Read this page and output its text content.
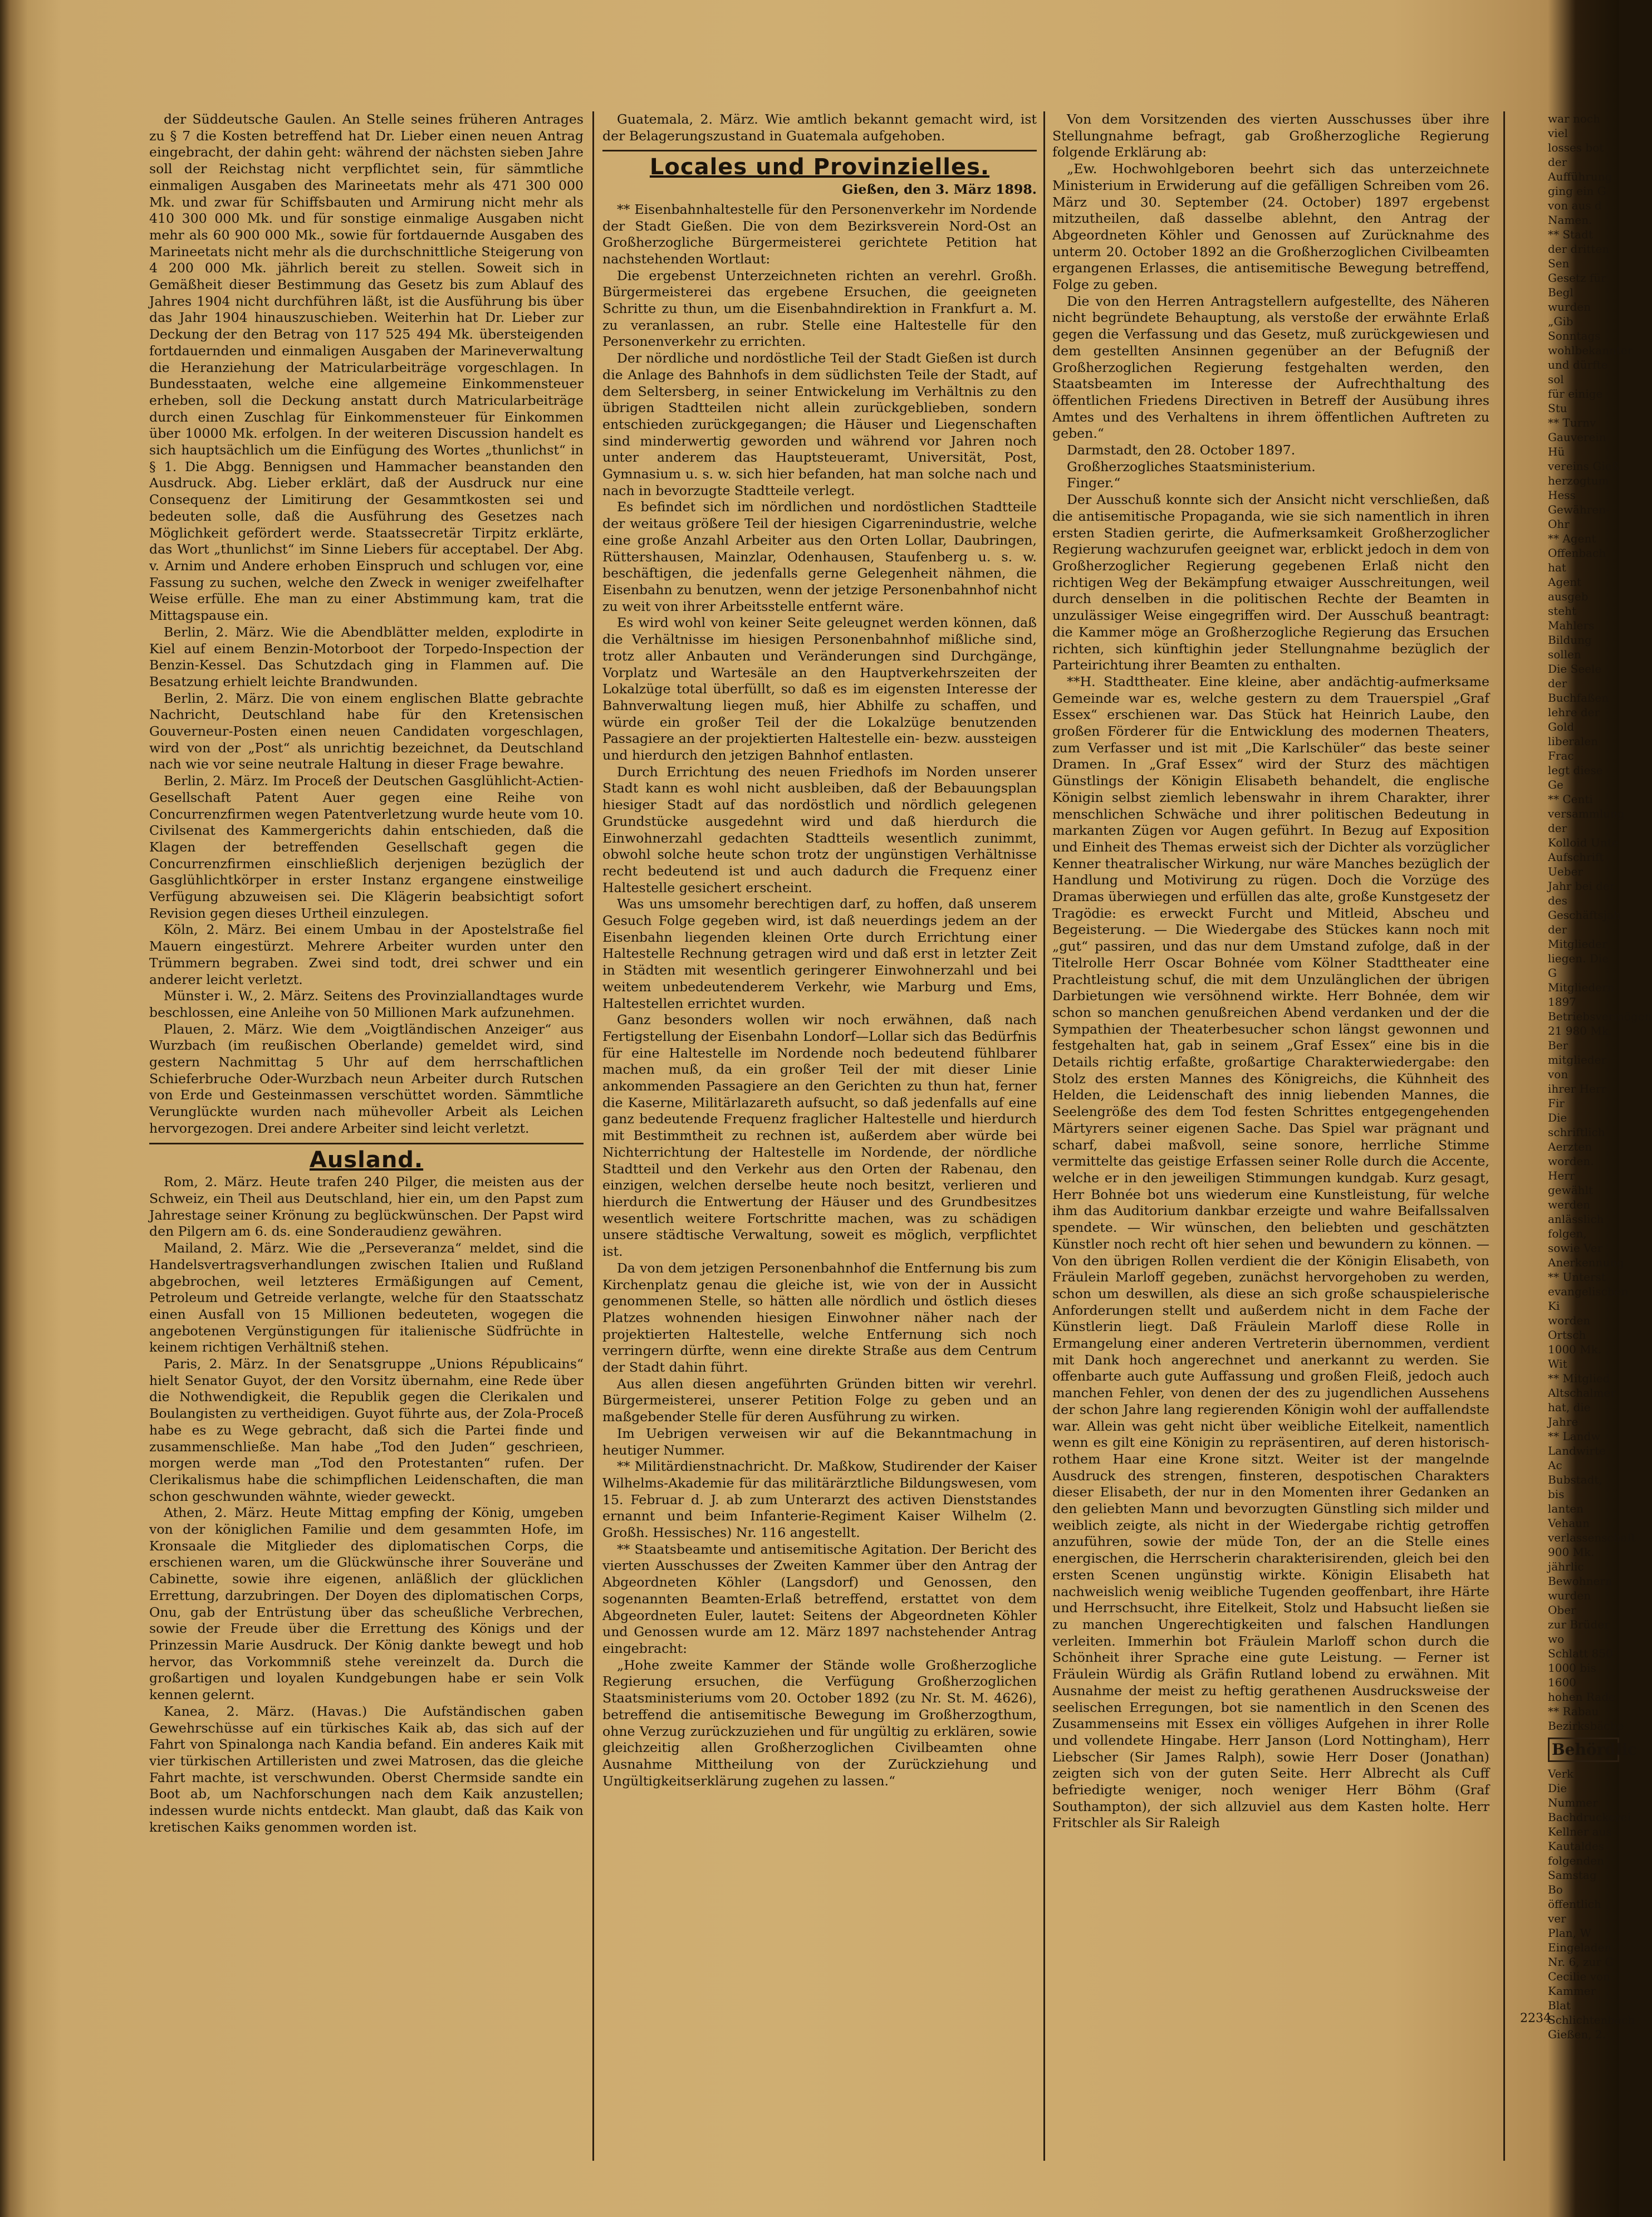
der Süddeutsche Gaulen. An Stelle seines früheren Antrages zu § 7 die Kosten betreffend hat Dr. Lieber einen neuen Antrag eingebracht, der dahin geht: während der nächsten sieben Jahre soll der Reichstag nicht verpflichtet sein, für sämmtliche einmaligen Ausgaben des Marineetats mehr als 471 300 000 Mk. und zwar für Schiffsbauten und Armirung nicht mehr als 410 300 000 Mk. und für sonstige einmalige Ausgaben nicht mehr als 60 900 000 Mk., sowie für fortdauernde Ausgaben des Marineetats nicht mehr als die durchschnittliche Steigerung von 4 200 000 Mk. jährlich bereit zu stellen. Soweit sich in Gemäßheit dieser Bestimmung das Gesetz bis zum Ablauf des Jahres 1904 nicht durchführen läßt, ist die Ausführung bis über das Jahr 1904 hinauszuschieben. Weiterhin hat Dr. Lieber zur Deckung der den Betrag von 117 525 494 Mk. übersteigenden fortdauernden und einmaligen Ausgaben der Marineverwaltung die Heranziehung der Matricularbeiträge vorgeschlagen. In Bundesstaaten, welche eine allgemeine Einkommensteuer erheben, soll die Deckung anstatt durch Matricularbeiträge durch einen Zuschlag für Einkommensteuer für Einkommen über 10000 Mk. erfolgen. In der weiteren Discussion handelt es sich hauptsächlich um die Einfügung des Wortes „thunlichst“ in § 1. Die Abgg. Bennigsen und Hammacher beanstanden den Ausdruck. Abg. Lieber erklärt, daß der Ausdruck nur eine Consequenz der Limitirung der Gesammtkosten sei und bedeuten solle, daß die Ausführung des Gesetzes nach Möglichkeit gefördert werde. Staatssecretär Tirpitz erklärte, das Wort „thunlichst“ im Sinne Liebers für acceptabel. Der Abg. v. Arnim und Andere erhoben Einspruch und schlugen vor, eine Fassung zu suchen, welche den Zweck in weniger zweifelhafter Weise erfülle. Ehe man zu einer Abstimmung kam, trat die Mittagspause ein.

Berlin, 2. März. Wie die Abendblätter melden, explodirte in Kiel auf einem Benzin-Motorboot der Torpedo-Inspection der Benzin-Kessel. Das Schutzdach ging in Flammen auf. Die Besatzung erhielt leichte Brandwunden.

Berlin, 2. März. Die von einem englischen Blatte gebrachte Nachricht, Deutschland habe für den Kretensischen Gouverneur-Posten einen neuen Candidaten vorgeschlagen, wird von der „Post“ als unrichtig bezeichnet, da Deutschland nach wie vor seine neutrale Haltung in dieser Frage bewahre.

Berlin, 2. März. Im Proceß der Deutschen Gasglühlicht-Actien-Gesellschaft Patent Auer gegen eine Reihe von Concurrenzfirmen wegen Patentverletzung wurde heute vom 10. Civilsenat des Kammergerichts dahin entschieden, daß die Klagen der betreffenden Gesellschaft gegen die Concurrenzfirmen einschließlich derjenigen bezüglich der Gasglühlichtkörper in erster Instanz ergangene einstweilige Verfügung abzuweisen sei. Die Klägerin beabsichtigt sofort Revision gegen dieses Urtheil einzulegen.

Köln, 2. März. Bei einem Umbau in der Apostelstraße fiel Mauern eingestürzt. Mehrere Arbeiter wurden unter den Trümmern begraben. Zwei sind todt, drei schwer und ein anderer leicht verletzt.

Münster i. W., 2. März. Seitens des Provinziallandtages wurde beschlossen, eine Anleihe von 50 Millionen Mark aufzunehmen.

Plauen, 2. März. Wie dem „Voigtländischen Anzeiger“ aus Wurzbach (im reußischen Oberlande) gemeldet wird, sind gestern Nachmittag 5 Uhr auf dem herrschaftlichen Schieferbruche Oder-Wurzbach neun Arbeiter durch Rutschen von Erde und Gesteinmassen verschüttet worden. Sämmtliche Verunglückte wurden nach mühevoller Arbeit als Leichen hervorgezogen. Drei andere Arbeiter sind leicht verletzt.

Ausland.

Rom, 2. März. Heute trafen 240 Pilger, die meisten aus der Schweiz, ein Theil aus Deutschland, hier ein, um den Papst zum Jahrestage seiner Krönung zu beglückwünschen. Der Papst wird den Pilgern am 6. ds. eine Sonderaudienz gewähren.

Mailand, 2. März. Wie die „Perseveranza“ meldet, sind die Handelsvertragsverhandlungen zwischen Italien und Rußland abgebrochen, weil letzteres Ermäßigungen auf Cement, Petroleum und Getreide verlangte, welche für den Staatsschatz einen Ausfall von 15 Millionen bedeuteten, wogegen die angebotenen Vergünstigungen für italienische Südfrüchte in keinem richtigen Verhältniß stehen.

Paris, 2. März. In der Senatsgruppe „Unions Républicains“ hielt Senator Guyot, der den Vorsitz übernahm, eine Rede über die Nothwendigkeit, die Republik gegen die Clerikalen und Boulangisten zu vertheidigen. Guyot führte aus, der Zola-Proceß habe es zu Wege gebracht, daß sich die Partei finde und zusammenschließe. Man habe „Tod den Juden“ geschrieen, morgen werde man „Tod den Protestanten“ rufen. Der Clerikalismus habe die schimpflichen Leidenschaften, die man schon geschwunden wähnte, wieder geweckt.

Athen, 2. März. Heute Mittag empfing der König, umgeben von der königlichen Familie und dem gesammten Hofe, im Kronsaale die Mitglieder des diplomatischen Corps, die erschienen waren, um die Glückwünsche ihrer Souveräne und Cabinette, sowie ihre eigenen, anläßlich der glücklichen Errettung, darzubringen. Der Doyen des diplomatischen Corps, Onu, gab der Entrüstung über das scheußliche Verbrechen, sowie der Freude über die Errettung des Königs und der Prinzessin Marie Ausdruck. Der König dankte bewegt und hob hervor, das Vorkommniß stehe vereinzelt da. Durch die großartigen und loyalen Kundgebungen habe er sein Volk kennen gelernt.

Kanea, 2. März. (Havas.) Die Aufständischen gaben Gewehrschüsse auf ein türkisches Kaik ab, das sich auf der Fahrt von Spinalonga nach Kandia befand. Ein anderes Kaik mit vier türkischen Artilleristen und zwei Matrosen, das die gleiche Fahrt machte, ist verschwunden. Oberst Chermside sandte ein Boot ab, um Nachforschungen nach dem Kaik anzustellen; indessen wurde nichts entdeckt. Man glaubt, daß das Kaik von kretischen Kaiks genommen worden ist.

Guatemala, 2. März. Wie amtlich bekannt gemacht wird, ist der Belagerungszustand in Guatemala aufgehoben.

Locales und Provinzielles.
Gießen, den 3. März 1898.

** Eisenbahnhaltestelle für den Personenverkehr im Nordende der Stadt Gießen. Die von dem Bezirksverein Nord-Ost an Großherzogliche Bürgermeisterei gerichtete Petition hat nachstehenden Wortlaut:

Die ergebenst Unterzeichneten richten an verehrl. Großh. Bürgermeisterei das ergebene Ersuchen, die geeigneten Schritte zu thun, um die Eisenbahndirektion in Frankfurt a. M. zu veranlassen, an rubr. Stelle eine Haltestelle für den Personenverkehr zu errichten.

Der nördliche und nordöstliche Teil der Stadt Gießen ist durch die Anlage des Bahnhofs in dem südlichsten Teile der Stadt, auf dem Seltersberg, in seiner Entwickelung im Verhältnis zu den übrigen Stadtteilen nicht allein zurückgeblieben, sondern entschieden zurückgegangen; die Häuser und Liegenschaften sind minderwertig geworden und während vor Jahren noch unter anderem das Hauptsteueramt, Universität, Post, Gymnasium u. s. w. sich hier befanden, hat man solche nach und nach in bevorzugte Stadtteile verlegt.

Es befindet sich im nördlichen und nordöstlichen Stadtteile der weitaus größere Teil der hiesigen Cigarrenindustrie, welche eine große Anzahl Arbeiter aus den Orten Lollar, Daubringen, Rüttershausen, Mainzlar, Odenhausen, Staufenberg u. s. w. beschäftigen, die jedenfalls gerne Gelegenheit nähmen, die Eisenbahn zu benutzen, wenn der jetzige Personenbahnhof nicht zu weit von ihrer Arbeitsstelle entfernt wäre.

Es wird wohl von keiner Seite geleugnet werden können, daß die Verhältnisse im hiesigen Personenbahnhof mißliche sind, trotz aller Anbauten und Veränderungen sind Durchgänge, Vorplatz und Wartesäle an den Hauptverkehrszeiten der Lokalzüge total überfüllt, so daß es im eigensten Interesse der Bahnverwaltung liegen muß, hier Abhilfe zu schaffen, und würde ein großer Teil der die Lokalzüge benutzenden Passagiere an der projektierten Haltestelle ein- bezw. aussteigen und hierdurch den jetzigen Bahnhof entlasten.

Durch Errichtung des neuen Friedhofs im Norden unserer Stadt kann es wohl nicht ausbleiben, daß der Bebauungsplan hiesiger Stadt auf das nordöstlich und nördlich gelegenen Grundstücke ausgedehnt wird und daß hierdurch die Einwohnerzahl gedachten Stadtteils wesentlich zunimmt, obwohl solche heute schon trotz der ungünstigen Verhältnisse recht bedeutend ist und auch dadurch die Frequenz einer Haltestelle gesichert erscheint.

Was uns umsomehr berechtigen darf, zu hoffen, daß unserem Gesuch Folge gegeben wird, ist daß neuerdings jedem an der Eisenbahn liegenden kleinen Orte durch Errichtung einer Haltestelle Rechnung getragen wird und daß erst in letzter Zeit in Städten mit wesentlich geringerer Einwohnerzahl und bei weitem unbedeutenderem Verkehr, wie Marburg und Ems, Haltestellen errichtet wurden.

Ganz besonders wollen wir noch erwähnen, daß nach Fertigstellung der Eisenbahn Londorf—Lollar sich das Bedürfnis für eine Haltestelle im Nordende noch bedeutend fühlbarer machen muß, da ein großer Teil der mit dieser Linie ankommenden Passagiere an den Gerichten zu thun hat, ferner die Kaserne, Militärlazareth aufsucht, so daß jedenfalls auf eine ganz bedeutende Frequenz fraglicher Haltestelle und hierdurch mit Bestimmtheit zu rechnen ist, außerdem aber würde bei Nichterrichtung der Haltestelle im Nordende, der nördliche Stadtteil und den Verkehr aus den Orten der Rabenau, den einzigen, welchen derselbe heute noch besitzt, verlieren und hierdurch die Entwertung der Häuser und des Grundbesitzes wesentlich weitere Fortschritte machen, was zu schädigen unsere städtische Verwaltung, soweit es möglich, verpflichtet ist.

Da von dem jetzigen Personenbahnhof die Entfernung bis zum Kirchenplatz genau die gleiche ist, wie von der in Aussicht genommenen Stelle, so hätten alle nördlich und östlich dieses Platzes wohnenden hiesigen Einwohner näher nach der projektierten Haltestelle, welche Entfernung sich noch verringern dürfte, wenn eine direkte Straße aus dem Centrum der Stadt dahin führt.

Aus allen diesen angeführten Gründen bitten wir verehrl. Bürgermeisterei, unserer Petition Folge zu geben und an maßgebender Stelle für deren Ausführung zu wirken.

Im Uebrigen verweisen wir auf die Bekanntmachung in heutiger Nummer.

** Militärdienstnachricht. Dr. Maßkow, Studirender der Kaiser Wilhelms-Akademie für das militärärztliche Bildungswesen, vom 15. Februar d. J. ab zum Unterarzt des activen Dienststandes ernannt und beim Infanterie-Regiment Kaiser Wilhelm (2. Großh. Hessisches) Nr. 116 angestellt.

** Staatsbeamte und antisemitische Agitation. Der Bericht des vierten Ausschusses der Zweiten Kammer über den Antrag der Abgeordneten Köhler (Langsdorf) und Genossen, den sogenannten Beamten-Erlaß betreffend, erstattet von dem Abgeordneten Euler, lautet: Seitens der Abgeordneten Köhler und Genossen wurde am 12. März 1897 nachstehender Antrag eingebracht:

„Hohe zweite Kammer der Stände wolle Großherzogliche Regierung ersuchen, die Verfügung Großherzoglichen Staatsministeriums vom 20. October 1892 (zu Nr. St. M. 4626), betreffend die antisemitische Bewegung im Großherzogthum, ohne Verzug zurückzuziehen und für ungültig zu erklären, sowie gleichzeitig allen Großherzoglichen Civilbeamten ohne Ausnahme Mittheilung von der Zurückziehung und Ungültigkeitserklärung zugehen zu lassen.“

Von dem Vorsitzenden des vierten Ausschusses über ihre Stellungnahme befragt, gab Großherzogliche Regierung folgende Erklärung ab:

„Ew. Hochwohlgeboren beehrt sich das unterzeichnete Ministerium in Erwiderung auf die gefälligen Schreiben vom 26. März und 30. September (24. October) 1897 ergebenst mitzutheilen, daß dasselbe ablehnt, den Antrag der Abgeordneten Köhler und Genossen auf Zurücknahme des unterm 20. October 1892 an die Großherzoglichen Civilbeamten ergangenen Erlasses, die antisemitische Bewegung betreffend, Folge zu geben.

Die von den Herren Antragstellern aufgestellte, des Näheren nicht begründete Behauptung, als verstoße der erwähnte Erlaß gegen die Verfassung und das Gesetz, muß zurückgewiesen und dem gestellten Ansinnen gegenüber an der Befugniß der Großherzoglichen Regierung festgehalten werden, den Staatsbeamten im Interesse der Aufrechthaltung des öffentlichen Friedens Directiven in Betreff der Ausübung ihres Amtes und des Verhaltens in ihrem öffentlichen Auftreten zu geben.“

Darmstadt, den 28. October 1897.

Großherzogliches Staatsministerium.

Finger.“

Der Ausschuß konnte sich der Ansicht nicht verschließen, daß die antisemitische Propaganda, wie sie sich namentlich in ihren ersten Stadien gerirte, die Aufmerksamkeit Großherzoglicher Regierung wachzurufen geeignet war, erblickt jedoch in dem von Großherzoglicher Regierung gegebenen Erlaß nicht den richtigen Weg der Bekämpfung etwaiger Ausschreitungen, weil durch denselben in die politischen Rechte der Beamten in unzulässiger Weise eingegriffen wird. Der Ausschuß beantragt: die Kammer möge an Großherzogliche Regierung das Ersuchen richten, sich künftighin jeder Stellungnahme bezüglich der Parteirichtung ihrer Beamten zu enthalten.

**H. Stadttheater. Eine kleine, aber andächtig-aufmerksame Gemeinde war es, welche gestern zu dem Trauerspiel „Graf Essex“ erschienen war. Das Stück hat Heinrich Laube, den großen Förderer für die Entwicklung des modernen Theaters, zum Verfasser und ist mit „Die Karlschüler“ das beste seiner Dramen. In „Graf Essex“ wird der Sturz des mächtigen Günstlings der Königin Elisabeth behandelt, die englische Königin selbst ziemlich lebenswahr in ihrem Charakter, ihrer menschlichen Schwäche und ihrer politischen Bedeutung in markanten Zügen vor Augen geführt. In Bezug auf Exposition und Einheit des Themas erweist sich der Dichter als vorzüglicher Kenner theatralischer Wirkung, nur wäre Manches bezüglich der Handlung und Motivirung zu rügen. Doch die Vorzüge des Dramas überwiegen und erfüllen das alte, große Kunstgesetz der Tragödie: es erweckt Furcht und Mitleid, Abscheu und Begeisterung. — Die Wiedergabe des Stückes kann noch mit „gut“ passiren, und das nur dem Umstand zufolge, daß in der Titelrolle Herr Oscar Bohnée vom Kölner Stadttheater eine Prachtleistung schuf, die mit dem Unzulänglichen der übrigen Darbietungen wie versöhnend wirkte. Herr Bohnée, dem wir schon so manchen genußreichen Abend verdanken und der die Sympathien der Theaterbesucher schon längst gewonnen und festgehalten hat, gab in seinem „Graf Essex“ eine bis in die Details richtig erfaßte, großartige Charakterwiedergabe: den Stolz des ersten Mannes des Königreichs, die Kühnheit des Helden, die Leidenschaft des innig liebenden Mannes, die Seelengröße des dem Tod festen Schrittes entgegengehenden Märtyrers seiner eigenen Sache. Das Spiel war prägnant und scharf, dabei maßvoll, seine sonore, herrliche Stimme vermittelte das geistige Erfassen seiner Rolle durch die Accente, welche er in den jeweiligen Stimmungen kundgab. Kurz gesagt, Herr Bohnée bot uns wiederum eine Kunstleistung, für welche ihm das Auditorium dankbar erzeigte und wahre Beifallssalven spendete. — Wir wünschen, den beliebten und geschätzten Künstler noch recht oft hier sehen und bewundern zu können. — Von den übrigen Rollen verdient die der Königin Elisabeth, von Fräulein Marloff gegeben, zunächst hervorgehoben zu werden, schon um deswillen, als diese an sich große schauspielerische Anforderungen stellt und außerdem nicht in dem Fache der Künstlerin liegt. Daß Fräulein Marloff diese Rolle in Ermangelung einer anderen Vertreterin übernommen, verdient mit Dank hoch angerechnet und anerkannt zu werden. Sie offenbarte auch gute Auffassung und großen Fleiß, jedoch auch manchen Fehler, von denen der des zu jugendlichen Aussehens der schon Jahre lang regierenden Königin wohl der auffallendste war. Allein was geht nicht über weibliche Eitelkeit, namentlich wenn es gilt eine Königin zu repräsentiren, auf deren historisch-rothem Haar eine Krone sitzt. Weiter ist der mangelnde Ausdruck des strengen, finsteren, despotischen Charakters dieser Elisabeth, der nur in den Momenten ihrer Gedanken an den geliebten Mann und bevorzugten Günstling sich milder und weiblich zeigte, als nicht in der Wiedergabe richtig getroffen anzuführen, sowie der müde Ton, der an die Stelle eines energischen, die Herrscherin charakterisirenden, gleich bei den ersten Scenen ungünstig wirkte. Königin Elisabeth hat nachweislich wenig weibliche Tugenden geoffenbart, ihre Härte und Herrschsucht, ihre Eitelkeit, Stolz und Habsucht ließen sie zu manchen Ungerechtigkeiten und falschen Handlungen verleiten. Immerhin bot Fräulein Marloff schon durch die Schönheit ihrer Sprache eine gute Leistung. — Ferner ist Fräulein Würdig als Gräfin Rutland lobend zu erwähnen. Mit Ausnahme der meist zu heftig gerathenen Ausdrucksweise der seelischen Erregungen, bot sie namentlich in den Scenen des Zusammenseins mit Essex ein völliges Aufgehen in ihrer Rolle und vollendete Hingabe. Herr Janson (Lord Nottingham), Herr Liebscher (Sir James Ralph), sowie Herr Doser (Jonathan) zeigten sich von der guten Seite. Herr Albrecht als Cuff befriedigte weniger, noch weniger Herr Böhm (Graf Southampton), der sich allzuviel aus dem Kasten holte. Herr Fritschler als Sir Raleigh

war noch viel
losses bot
der Aufführung
ging ein G
von aus d
Namen.
** Stadt
der dritten Sen
Gesetz für Begl
wurden „Gib
Sonntags
wohlbekannter
und dürfte sol
für einige Stu
** Turnv
Gauverein Hü
vereins Gieß
herzogtum Hess
Gewähren-Ohr
** Agent
Offenbach hat
Agent ausgeb
steht Mahlers
Bildung sollen
Die Seele der
Buchfaßen
lehre der Gold
liberalen Frac
legt diese Ge
** Centi
versammlung der
Kolloid Unte
Aufschrift Ueber
Jahr bei der
des Geschäftsjah
der Mitglieder
liegen. Die G
Mitgliedern 1897
Betriebsvermögen
21 980 Mk. Ber
mitglieder von
ihrer Herr Fir
Die schriftlich
Aerzten
worden. Herr
gewählt werden
anlässlich
folgen, sowie Ver
Anerkennung
** Unterst
evangelischen Ki
worden Ortsch
1000 Mk. Wit
** Mitglied
Altschalmer
hat, die Jahre
** Landw
Landwirte Ac
Bubstadt, bis
lanten Vehaun
verlassenschaft
900 Mk. jährlic
Bewohnern
wurden Ober
zur Brüder wo
Schlatt 850
1000 bis 1600
hohen Rade
** Rabau
Bezirksbäche
Behördlic
Verk
Die Nummer
Bachdruckerei
Kellner aus
Kautaldes
folgenden
Samstag
Bo
öffentlich ver
Plan, W
Eingeladen
Nr. 6, zur G
Cecilie von
Kammer Blat
Schlichtenbach
Gießen, 2.
2234
